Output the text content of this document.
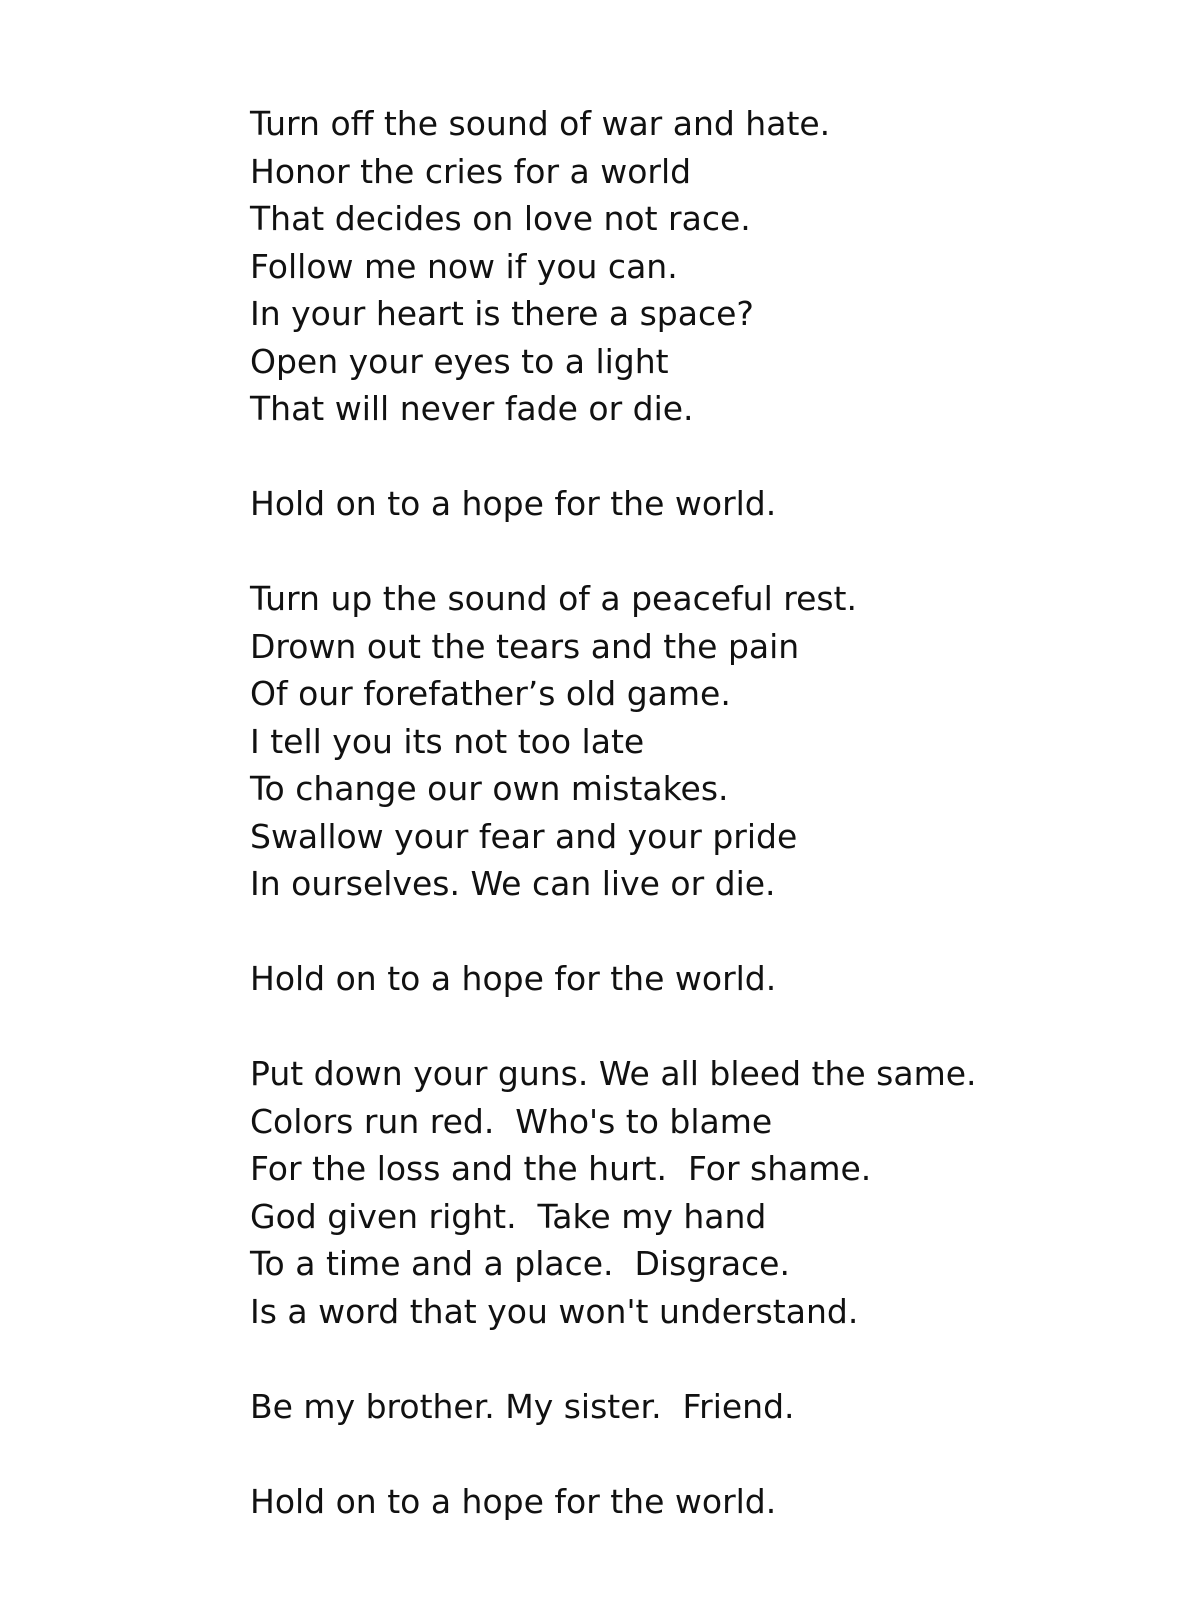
Turn off the sound of war and hate.
Honor the cries for a world
That decides on love not race.
Follow me now if you can.
In your heart is there a space?
Open your eyes to a light
That will never fade or die.
Hold on to a hope for the world.
Turn up the sound of a peaceful rest.
Drown out the tears and the pain
Of our forefather’s old game.
I tell you its not too late
To change our own mistakes.
Swallow your fear and your pride
In ourselves. We can live or die.
Hold on to a hope for the world.
Put down your guns. We all bleed the same.
Colors run red.  Who's to blame
For the loss and the hurt.  For shame.
God given right.  Take my hand
To a time and a place.  Disgrace.
Is a word that you won't understand.
Be my brother. My sister.  Friend.
Hold on to a hope for the world.
